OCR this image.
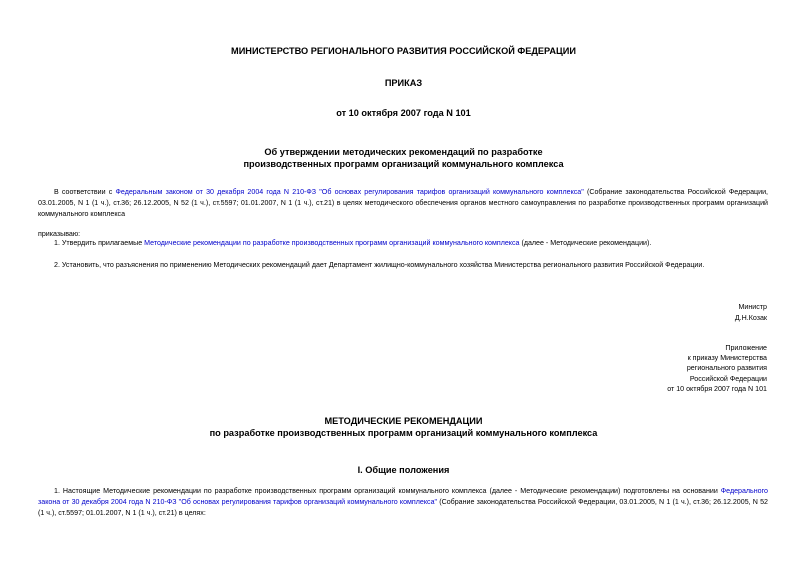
МИНИСТЕРСТВО РЕГИОНАЛЬНОГО РАЗВИТИЯ РОССИЙСКОЙ ФЕДЕРАЦИИ
ПРИКАЗ
от 10 октября 2007 года N 101
Об утверждении методических рекомендаций по разработке
производственных программ организаций коммунального комплекса
В соответствии с Федеральным законом от 30 декабря 2004 года N 210-ФЗ "Об основах регулирования тарифов организаций коммунального комплекса" (Собрание законодательства Российской Федерации, 03.01.2005, N 1 (1 ч.), ст.36; 26.12.2005, N 52 (1 ч.), ст.5597; 01.01.2007, N 1 (1 ч.), ст.21) в целях методического обеспечения органов местного самоуправления по разработке производственных программ организаций коммунального комплекса
приказываю:
1. Утвердить прилагаемые Методические рекомендации по разработке производственных программ организаций коммунального комплекса (далее - Методические рекомендации).
2. Установить, что разъяснения по применению Методических рекомендаций дает Департамент жилищно-коммунального хозяйства Министерства регионального развития Российской Федерации.
Министр
Д.Н.Козак
Приложение
к приказу Министерства
регионального развития
Российской Федерации
от 10 октября 2007 года N 101
МЕТОДИЧЕСКИЕ РЕКОМЕНДАЦИИ
по разработке производственных программ организаций коммунального комплекса
I. Общие положения
1. Настоящие Методические рекомендации по разработке производственных программ организаций коммунального комплекса (далее - Методические рекомендации) подготовлены на основании Федерального закона от 30 декабря 2004 года N 210-ФЗ "Об основах регулирования тарифов организаций коммунального комплекса" (Собрание законодательства Российской Федерации, 03.01.2005, N 1 (1 ч.), ст.36; 26.12.2005, N 52 (1 ч.), ст.5597; 01.01.2007, N 1 (1 ч.), ст.21) в целях:
